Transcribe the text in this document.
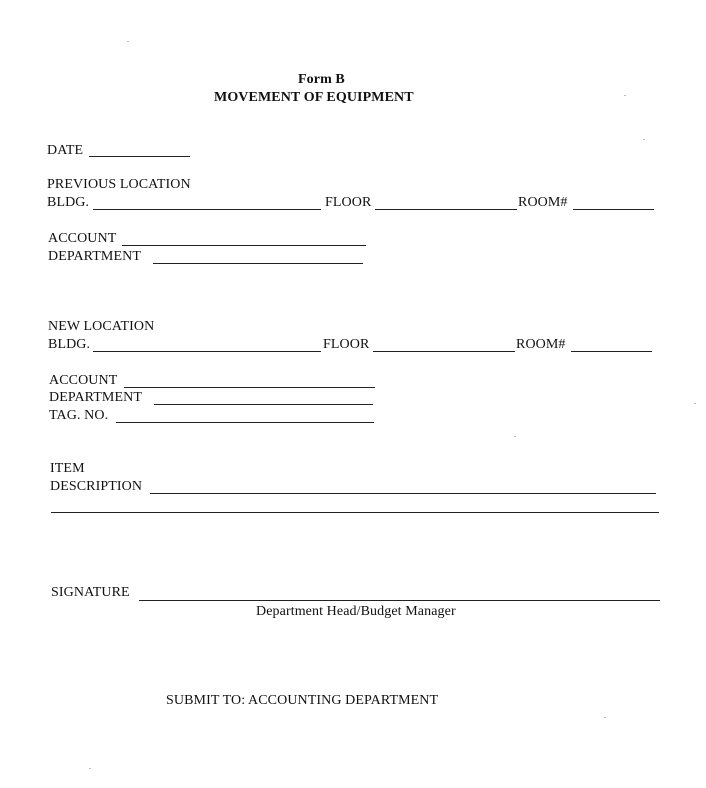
Form B
MOVEMENT OF EQUIPMENT
DATE
PREVIOUS LOCATION
BLDG.	FLOOR	ROOM#
ACCOUNT
DEPARTMENT
NEW LOCATION
BLDG.	FLOOR	ROOM#
ACCOUNT
DEPARTMENT
TAG. NO.
ITEM
DESCRIPTION
SIGNATURE
Department Head/Budget Manager
SUBMIT TO: ACCOUNTING DEPARTMENT
